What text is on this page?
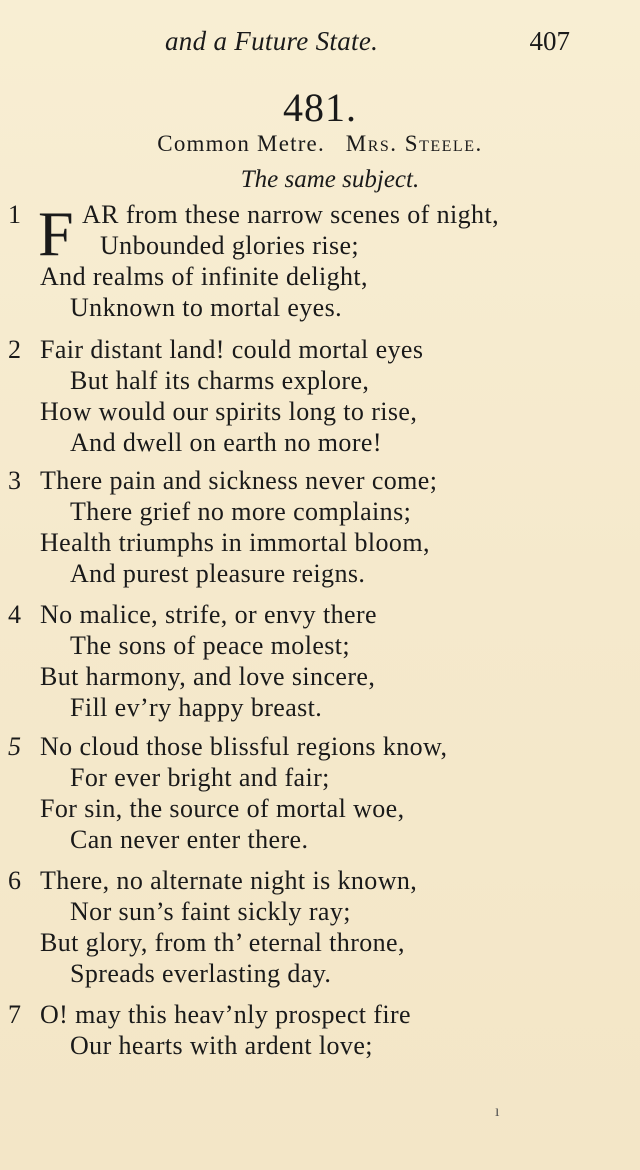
and a Future State.	407
481.
Common Metre. Mrs. Steele.
The same subject.
1 F AR from these narrow scenes of night,
Unbounded glories rise;
And realms of infinite delight,
Unknown to mortal eyes.
2 Fair distant land! could mortal eyes
But half its charms explore,
How would our spirits long to rise,
And dwell on earth no more!
3 There pain and sickness never come;
There grief no more complains;
Health triumphs in immortal bloom,
And purest pleasure reigns.
4 No malice, strife, or envy there
The sons of peace molest;
But harmony, and love sincere,
Fill ev’ry happy breast.
5 No cloud those blissful regions know,
For ever bright and fair;
For sin, the source of mortal woe,
Can never enter there.
6 There, no alternate night is known,
Nor sun’s faint sickly ray;
But glory, from th’ eternal throne,
Spreads everlasting day.
7 O! may this heav’nly prospect fire
Our hearts with ardent love;
ı
